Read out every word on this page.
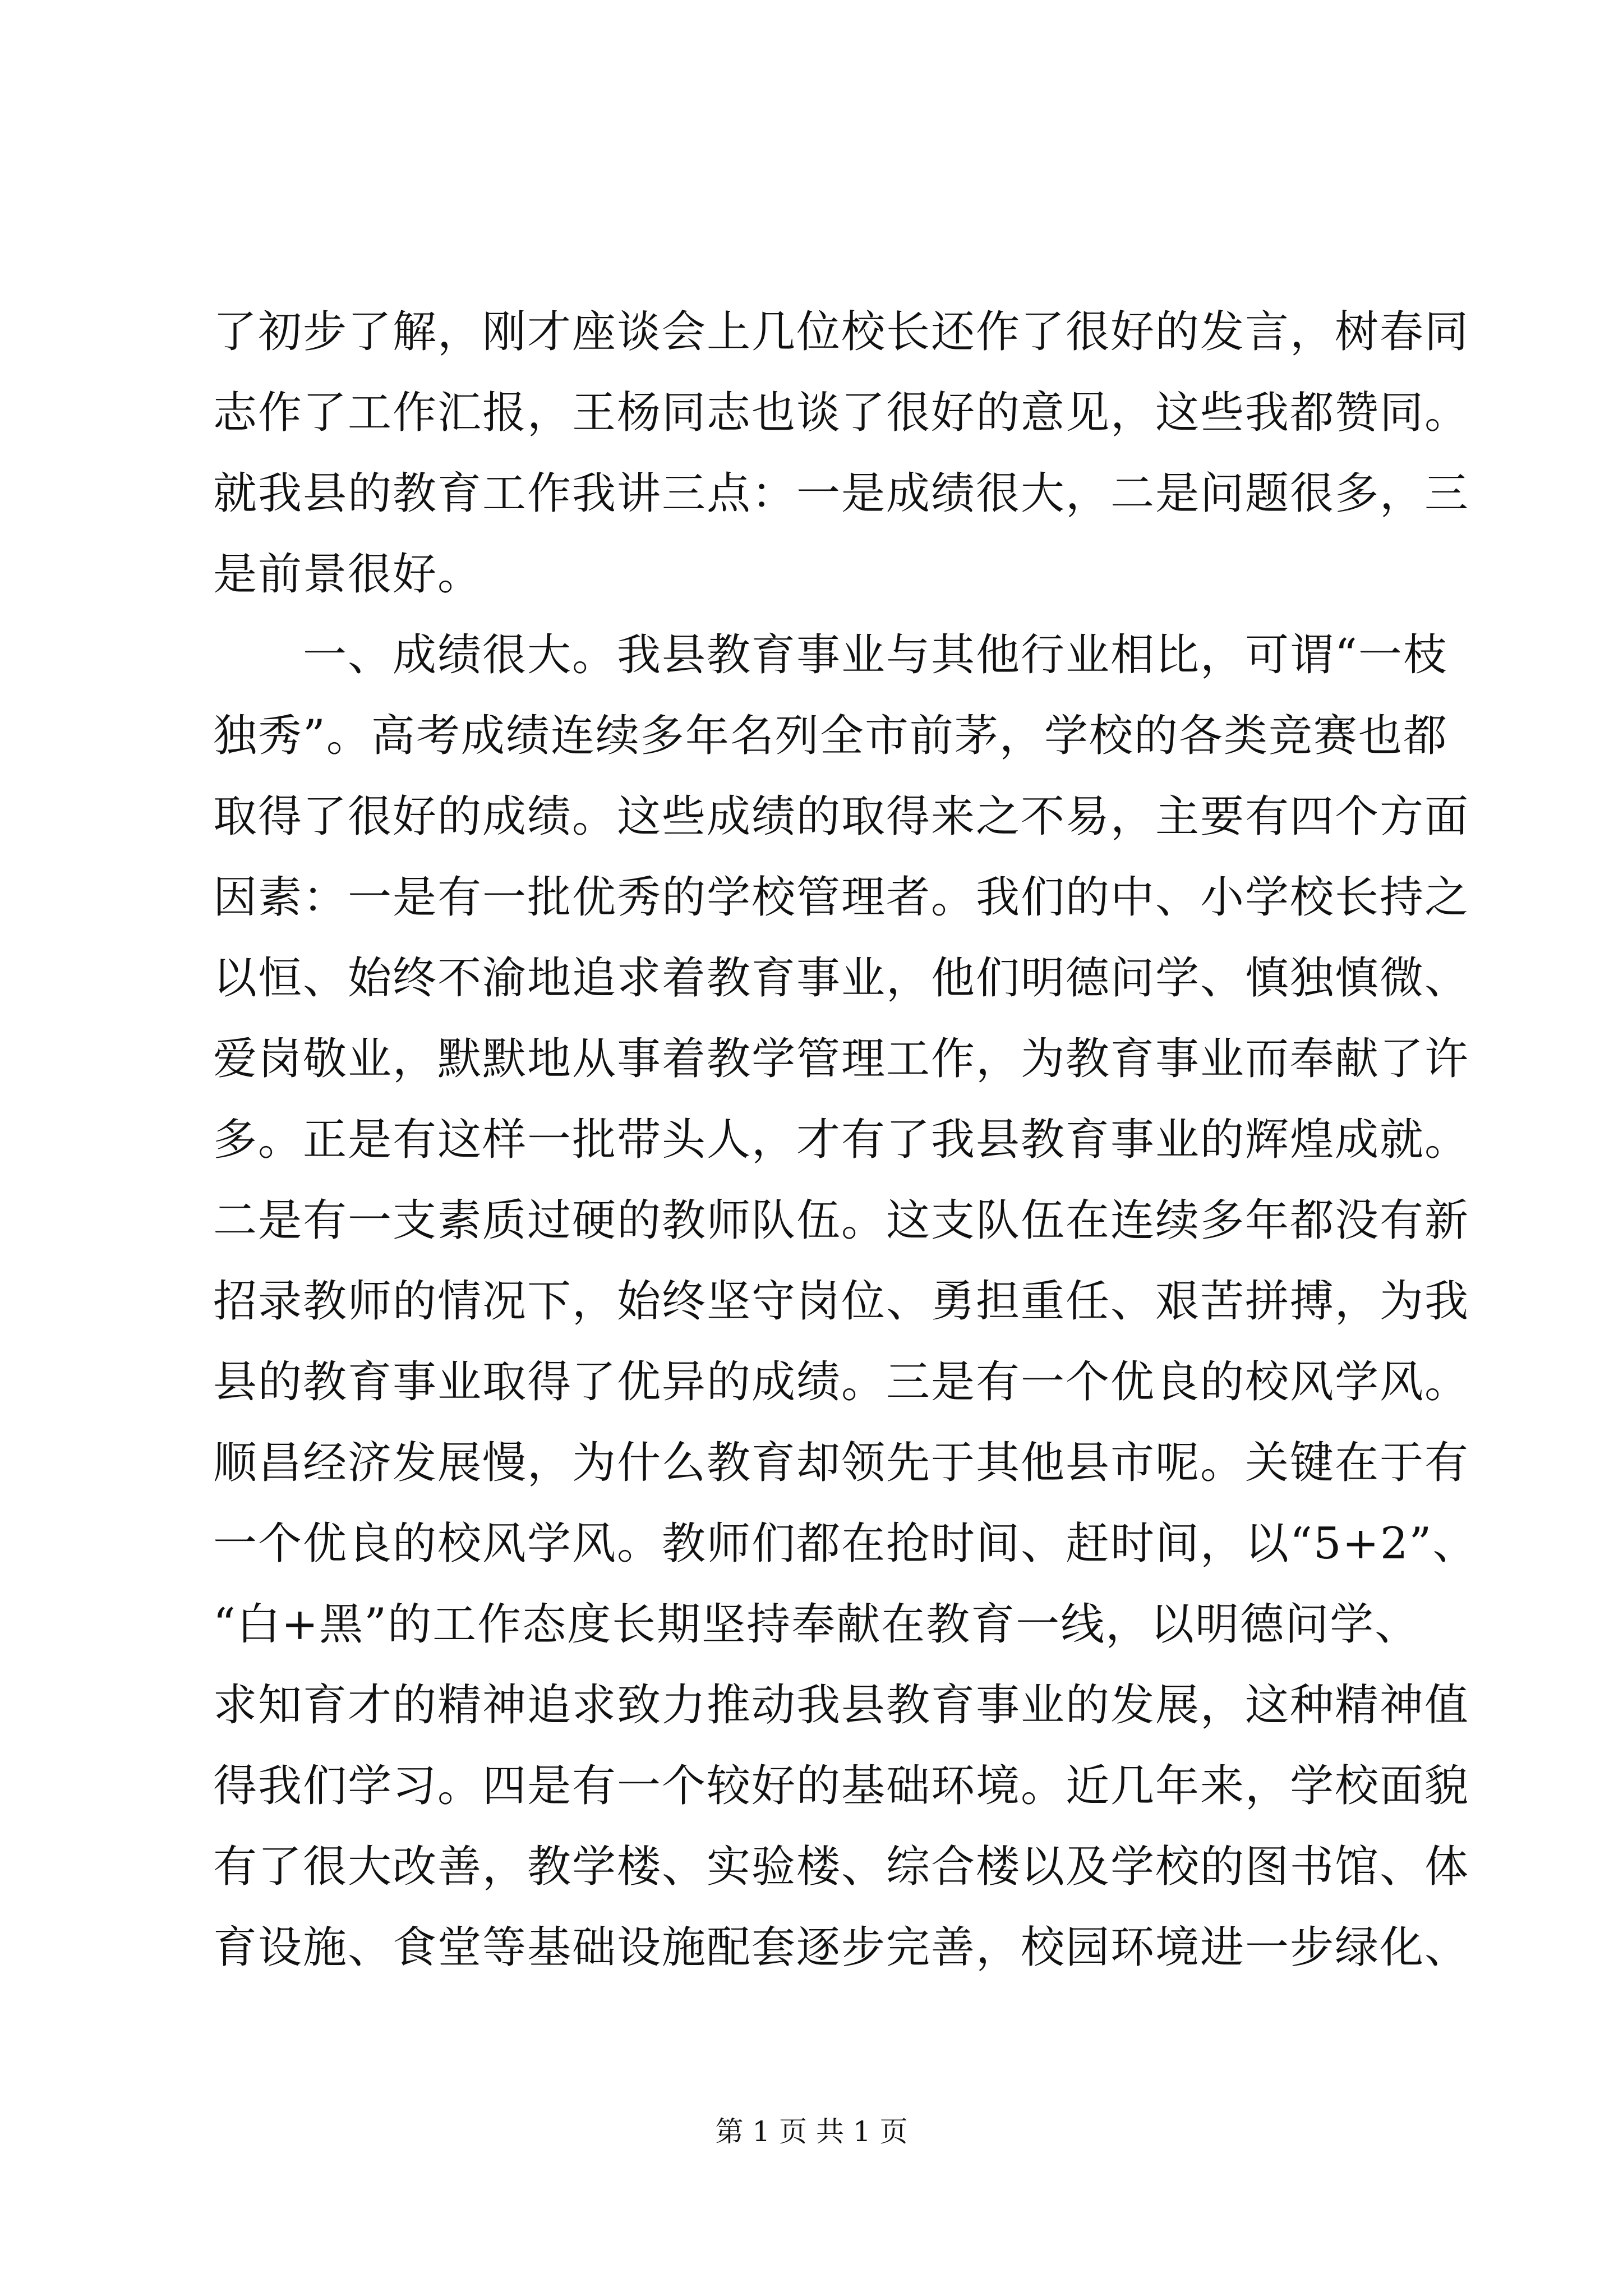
了初步了解，刚才座谈会上几位校长还作了很好的发言，树春同
志作了工作汇报，王杨同志也谈了很好的意见，这些我都赞同。
就我县的教育工作我讲三点：一是成绩很大，二是问题很多，三
是前景很好。
　　一、成绩很大。我县教育事业与其他行业相比，可谓“一枝
独秀”。高考成绩连续多年名列全市前茅，学校的各类竞赛也都
取得了很好的成绩。这些成绩的取得来之不易，主要有四个方面
因素：一是有一批优秀的学校管理者。我们的中、小学校长持之
以恒、始终不渝地追求着教育事业，他们明德问学、慎独慎微、
爱岗敬业，默默地从事着教学管理工作，为教育事业而奉献了许
多。正是有这样一批带头人，才有了我县教育事业的辉煌成就。
二是有一支素质过硬的教师队伍。这支队伍在连续多年都没有新
招录教师的情况下，始终坚守岗位、勇担重任、艰苦拼搏，为我
县的教育事业取得了优异的成绩。三是有一个优良的校风学风。
顺昌经济发展慢，为什么教育却领先于其他县市呢。关键在于有
一个优良的校风学风。教师们都在抢时间、赶时间，以“5+2”、
“白+黑”的工作态度长期坚持奉献在教育一线，以明德问学、
求知育才的精神追求致力推动我县教育事业的发展，这种精神值
得我们学习。四是有一个较好的基础环境。近几年来，学校面貌
有了很大改善，教学楼、实验楼、综合楼以及学校的图书馆、体
育设施、食堂等基础设施配套逐步完善，校园环境进一步绿化、
第 1 页 共 1 页
